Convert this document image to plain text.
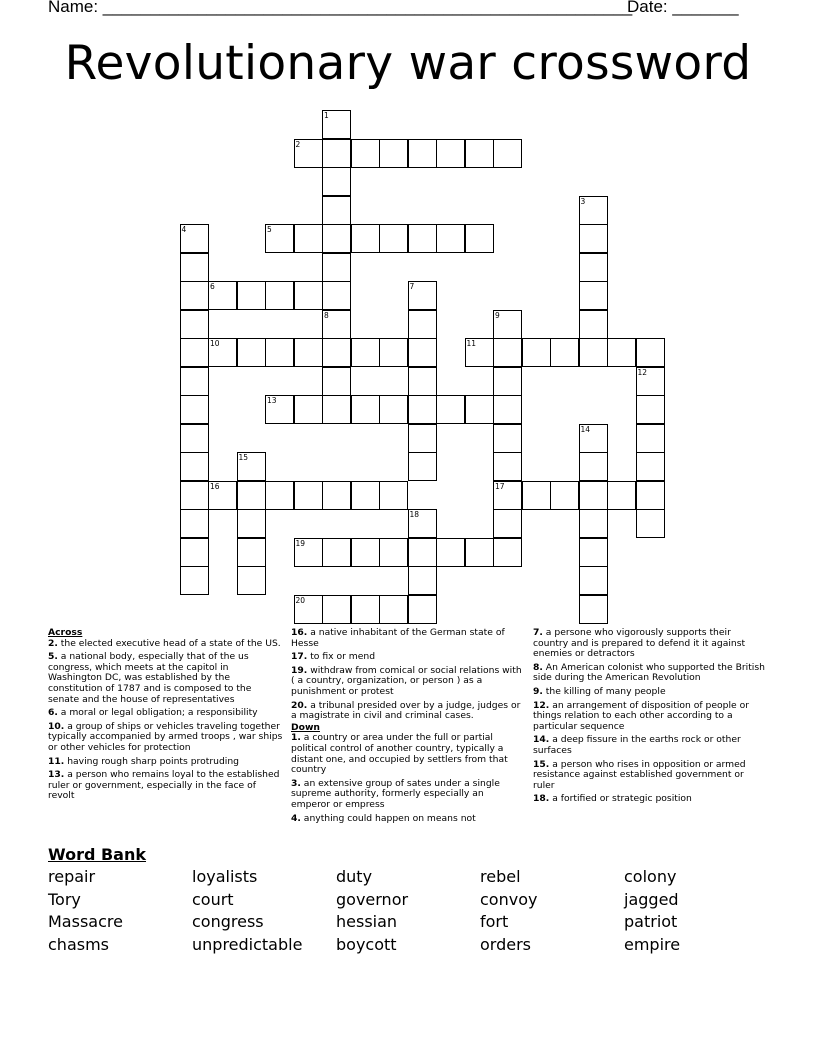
Name: ________________________________________________________
Date: _______
Revolutionary war crossword
1
2
3
4	5
6	7
8	9
17
10	11
12
13
14
15
16
18
19
20
Across
2. the elected executive head of a state of the US.
5. a national body, especially that of the us congress, which meets at the capitol in Washington DC, was established by the constitution of 1787 and is composed to the senate and the house of representatives
6. a moral or legal obligation; a responsibility
10. a group of ships or vehicles traveling together typically accompanied by armed troops , war ships or other vehicles for protection
11. having rough sharp points protruding
13. a person who remains loyal to the established ruler or government, especially in the face of revolt
16. a native inhabitant of the German state of Hesse
17. to fix or mend
19. withdraw from comical or social relations with ( a country, organization, or person ) as a punishment or protest
20. a tribunal presided over by a judge, judges or a magistrate in civil and criminal cases.
Down
1. a country or area under the full or partial political control of another country, typically a distant one, and occupied by settlers from that country
3. an extensive group of sates under a single supreme authority, formerly especially an emperor or empress
4. anything could happen on means not
7. a persone who vigorously supports their country and is prepared to defend it it against enemies or detractors
8. An American colonist who supported the British side during the American Revolution
9. the killing of many people
12. an arrangement of disposition of people or things relation to each other according to a particular sequence
14. a deep fissure in the earths rock or other surfaces
15. a person who rises in opposition or armed resistance against established government or ruler
18. a fortified or strategic position
Word Bank
repair	loyalists	duty	rebel	colony
Tory	court	governor	convoy	jagged
Massacre	congress	hessian	fort	patriot
chasms	unpredictable	boycott	orders	empire
